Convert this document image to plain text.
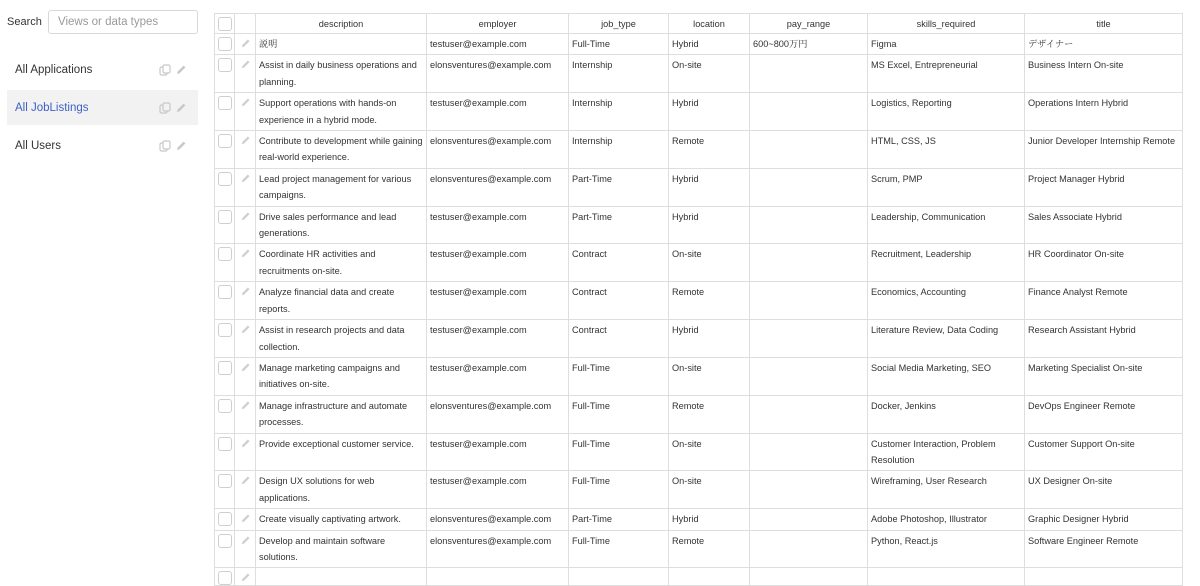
Search
Views or data types
All Applications
All JobListings
All Users
		description	employer	job_type	location	pay_range	skills_required	title

	説明	testuser@example.com	Full-Time	Hybrid	600~800万円	Figma	デザイナー

	Assist in daily business operations and planning.	elonsventures@example.com	Internship	On-site		MS Excel, Entrepreneurial	Business Intern On-site

	Support operations with hands-on experience in a hybrid mode.	testuser@example.com	Internship	Hybrid		Logistics, Reporting	Operations Intern Hybrid

	Contribute to development while gaining real-world experience.	elonsventures@example.com	Internship	Remote		HTML, CSS, JS	Junior Developer Internship Remote

	Lead project management for various campaigns.	elonsventures@example.com	Part-Time	Hybrid		Scrum, PMP	Project Manager Hybrid

	Drive sales performance and lead generations.	testuser@example.com	Part-Time	Hybrid		Leadership, Communication	Sales Associate Hybrid

	Coordinate HR activities and recruitments on-site.	testuser@example.com	Contract	On-site		Recruitment, Leadership	HR Coordinator On-site

	Analyze financial data and create reports.	testuser@example.com	Contract	Remote		Economics, Accounting	Finance Analyst Remote

	Assist in research projects and data collection.	testuser@example.com	Contract	Hybrid		Literature Review, Data Coding	Research Assistant Hybrid

	Manage marketing campaigns and initiatives on-site.	testuser@example.com	Full-Time	On-site		Social Media Marketing, SEO	Marketing Specialist On-site

	Manage infrastructure and automate processes.	elonsventures@example.com	Full-Time	Remote		Docker, Jenkins	DevOps Engineer Remote

	Provide exceptional customer service.	testuser@example.com	Full-Time	On-site		Customer Interaction, Problem Resolution	Customer Support On-site

	Design UX solutions for web applications.	testuser@example.com	Full-Time	On-site		Wireframing, User Research	UX Designer On-site

	Create visually captivating artwork.	elonsventures@example.com	Part-Time	Hybrid		Adobe Photoshop, Illustrator	Graphic Designer Hybrid

	Develop and maintain software solutions.	elonsventures@example.com	Full-Time	Remote		Python, React.js	Software Engineer Remote
